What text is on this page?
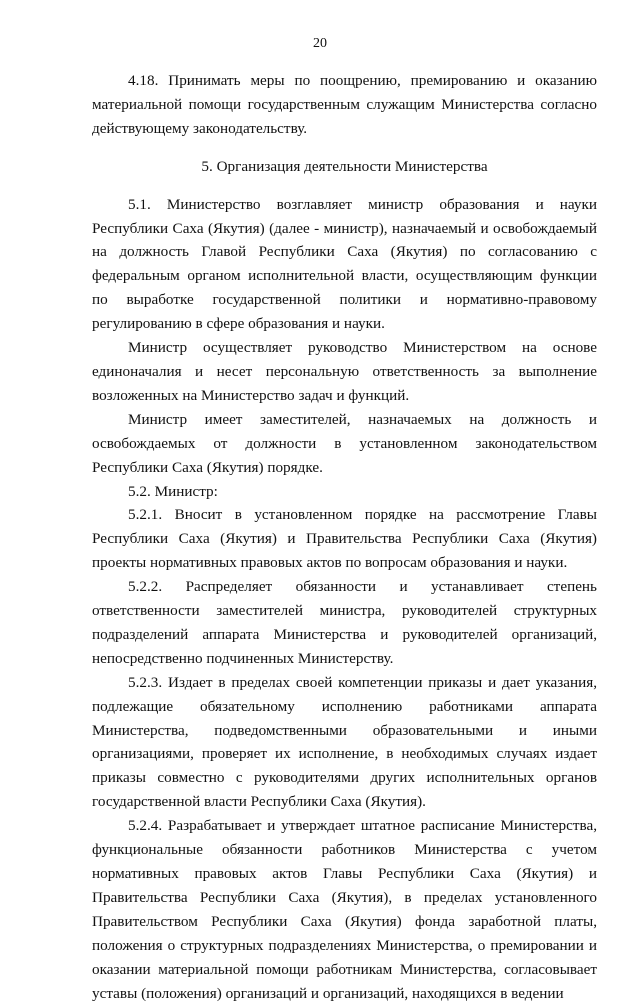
20

4.18. Принимать меры по поощрению, премированию и оказанию материальной помощи государственным служащим Министерства согласно действующему законодательству.

5. Организация деятельности Министерства

5.1. Министерство возглавляет министр образования и науки Республики Саха (Якутия) (далее - министр), назначаемый и освобождаемый на должность Главой Республики Саха (Якутия) по согласованию с федеральным органом исполнительной власти, осуществляющим функции по выработке государственной политики и нормативно-правовому регулированию в сфере образования и науки.

Министр осуществляет руководство Министерством на основе единоначалия и несет персональную ответственность за выполнение возложенных на Министерство задач и функций.

Министр имеет заместителей, назначаемых на должность и освобождаемых от должности в установленном законодательством Республики Саха (Якутия) порядке.

5.2. Министр:

5.2.1. Вносит в установленном порядке на рассмотрение Главы Республики Саха (Якутия) и Правительства Республики Саха (Якутия) проекты нормативных правовых актов по вопросам образования и науки.

5.2.2. Распределяет обязанности и устанавливает степень ответственности заместителей министра, руководителей структурных подразделений аппарата Министерства и руководителей организаций, непосредственно подчиненных Министерству.

5.2.3. Издает в пределах своей компетенции приказы и дает указания, подлежащие обязательному исполнению работниками аппарата Министерства, подведомственными образовательными и иными организациями, проверяет их исполнение, в необходимых случаях издает приказы совместно с руководителями других исполнительных органов государственной власти Республики Саха (Якутия).

5.2.4. Разрабатывает и утверждает штатное расписание Министерства, функциональные обязанности работников Министерства с учетом нормативных правовых актов Главы Республики Саха (Якутия) и Правительства Республики Саха (Якутия), в пределах установленного Правительством Республики Саха (Якутия) фонда заработной платы, положения о структурных подразделениях Министерства, о премировании и оказании материальной помощи работникам Министерства, согласовывает уставы (положения) организаций и организаций, находящихся в ведении
